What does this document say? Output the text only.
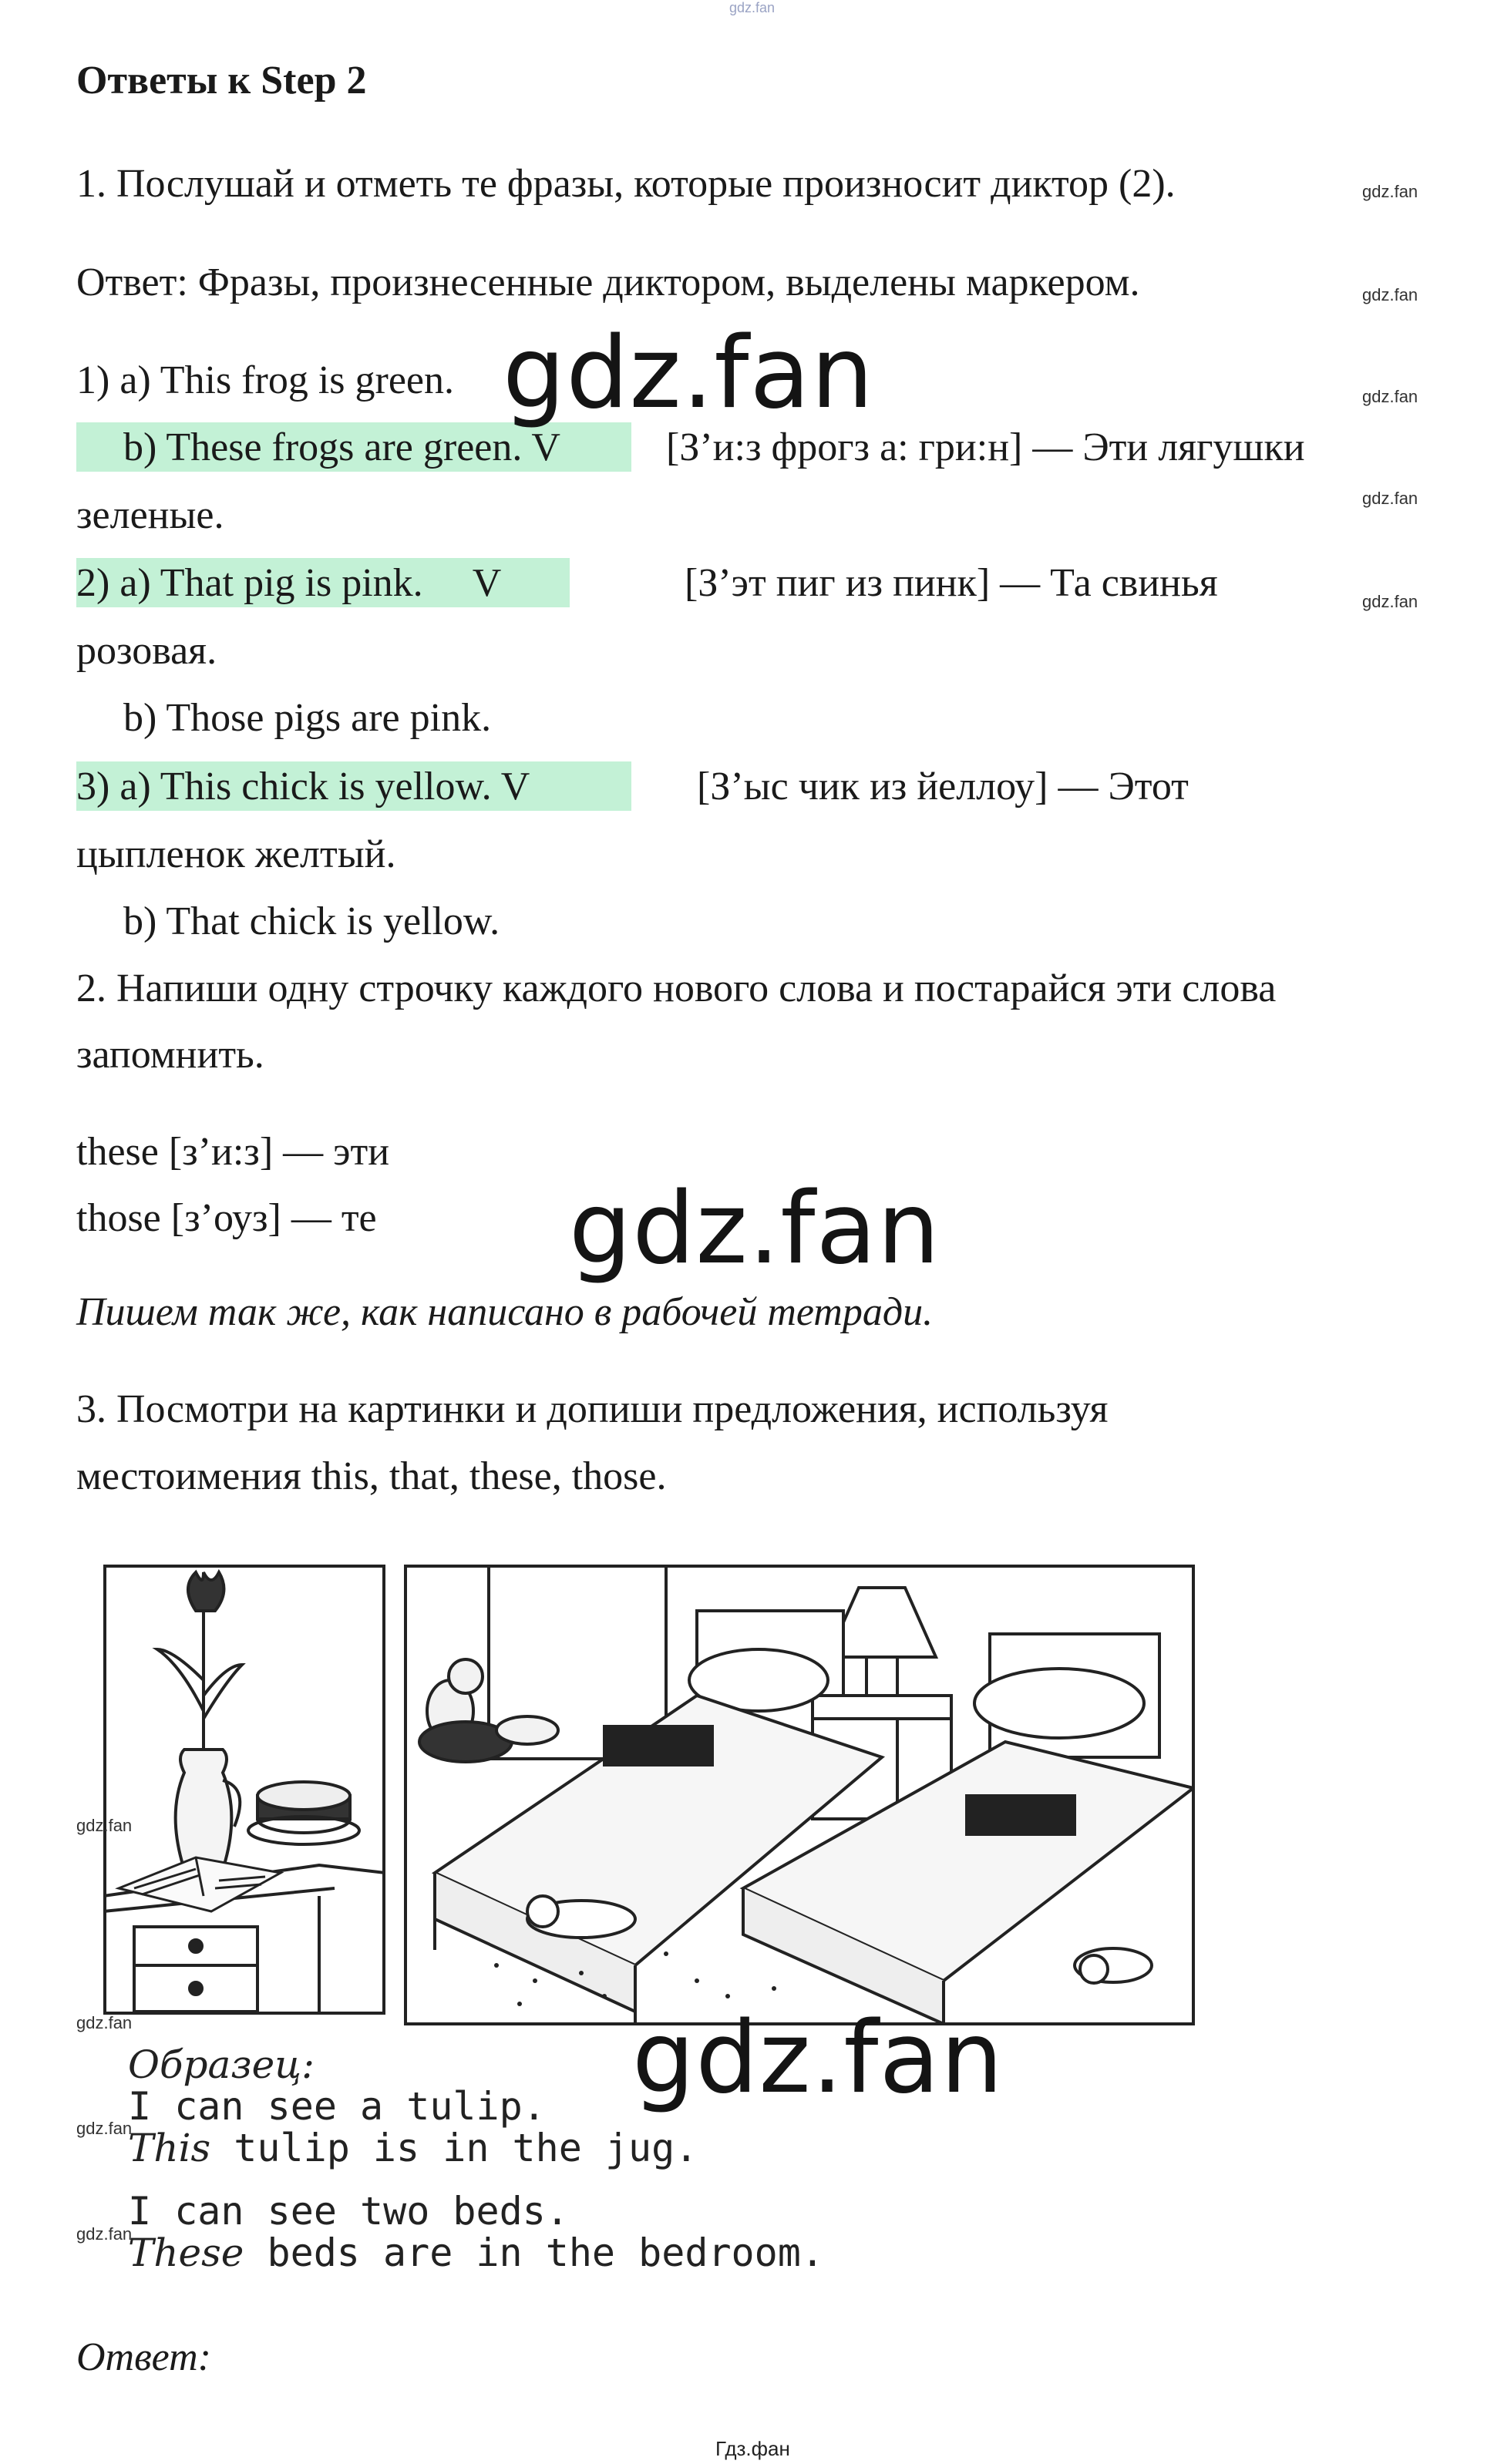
gdz.fan
Ответы к Step 2
1. Послушай и отметь те фразы, которые произносит диктор (2).	gdz.fan
Ответ: Фразы, произнесенные диктором, выделены маркером.	gdz.fan
1) a) This frog is green.	gdz.fan
b) These frogs are green. V	[З’и:з фрогз а: гри:н] — Эти лягушки
gdz.fan
зеленые.
2) a) That pig is pink.     V	[З’эт пиг из пинк] — Та свинья	gdz.fan
розовая.
b) Those pigs are pink.
3) a) This chick is yellow. V	[З’ыс чик из йеллоу] — Этот
цыпленок желтый.
b) That chick is yellow.
gdz.fan
2. Напиши одну строчку каждого нового слова и постарайся эти слова
запомнить.
these [з’и:з] — эти
those [з’оуз] — те gdz.fan
Пишем так же, как написано в рабочей тетради.
3. Посмотри на картинки и допиши предложения, используя
местоимения this, that, these, those.
gdz.fan
gdz.fan
gdz.fan
gdz.fan
gdz.fan
Образец:
I can see a tulip.
This tulip is in the jug.
I can see two beds.
These beds are in the bedroom.
Ответ:
Гдз.фан
